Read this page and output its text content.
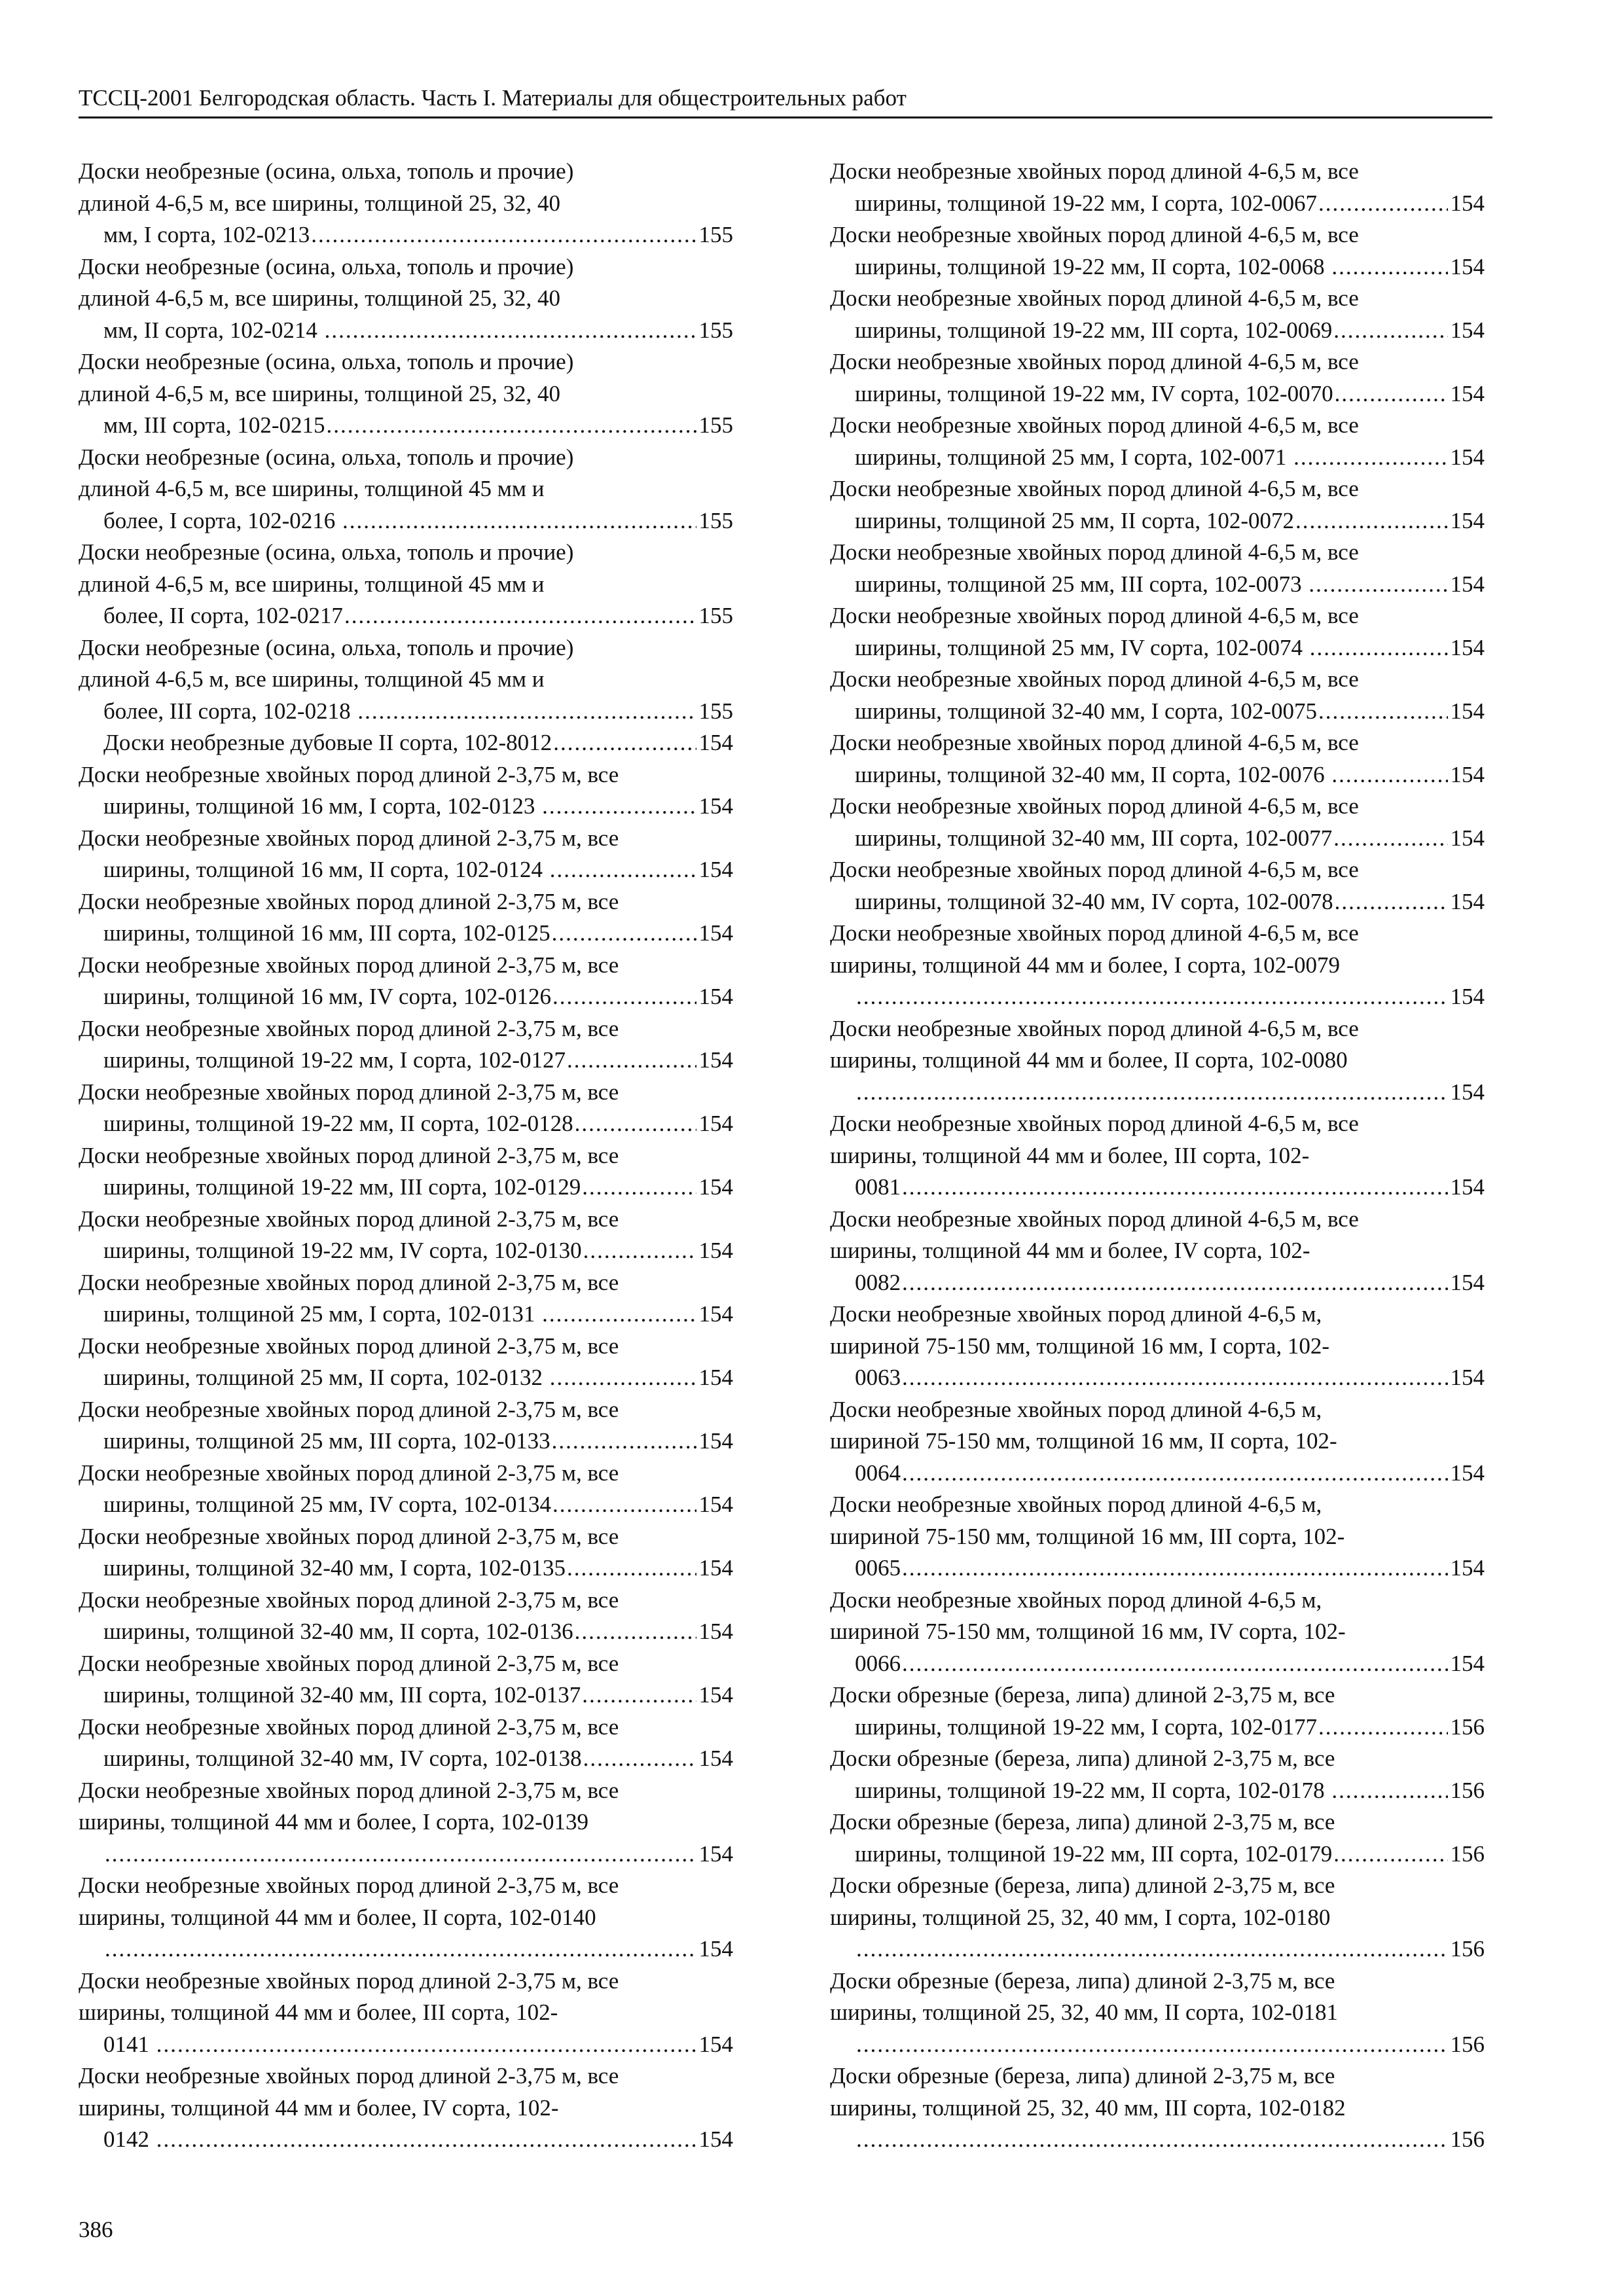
ТССЦ-2001 Белгородская область. Часть I. Материалы для общестроительных работ
Доски необрезные (осина, ольха, тополь и прочие)
длиной 4-6,5 м, все ширины, толщиной 25, 32, 40
мм, I сорта, 102-0213 .....	155
Доски необрезные (осина, ольха, тополь и прочие)
длиной 4-6,5 м, все ширины, толщиной 25, 32, 40
мм, II сорта, 102-0214 .....	155
Доски необрезные (осина, ольха, тополь и прочие)
длиной 4-6,5 м, все ширины, толщиной 25, 32, 40
мм, III сорта, 102-0215 .....	155
Доски необрезные (осина, ольха, тополь и прочие)
длиной 4-6,5 м, все ширины, толщиной 45 мм и
более, I сорта, 102-0216 .....	155
Доски необрезные (осина, ольха, тополь и прочие)
длиной 4-6,5 м, все ширины, толщиной 45 мм и
более, II сорта, 102-0217 .....	155
Доски необрезные (осина, ольха, тополь и прочие)
длиной 4-6,5 м, все ширины, толщиной 45 мм и
более, III сорта, 102-0218 .....	155
Доски необрезные дубовые II сорта, 102-8012 .....	154
Доски необрезные хвойных пород длиной 2-3,75 м, все
ширины, толщиной 16 мм, I сорта, 102-0123 .....	154
Доски необрезные хвойных пород длиной 2-3,75 м, все
ширины, толщиной 16 мм, II сорта, 102-0124 .....	154
Доски необрезные хвойных пород длиной 2-3,75 м, все
ширины, толщиной 16 мм, III сорта, 102-0125 .....	154
Доски необрезные хвойных пород длиной 2-3,75 м, все
ширины, толщиной 16 мм, IV сорта, 102-0126 .....	154
Доски необрезные хвойных пород длиной 2-3,75 м, все
ширины, толщиной 19-22 мм, I сорта, 102-0127 .....	154
Доски необрезные хвойных пород длиной 2-3,75 м, все
ширины, толщиной 19-22 мм, II сорта, 102-0128 .....	154
Доски необрезные хвойных пород длиной 2-3,75 м, все
ширины, толщиной 19-22 мм, III сорта, 102-0129 .....	154
Доски необрезные хвойных пород длиной 2-3,75 м, все
ширины, толщиной 19-22 мм, IV сорта, 102-0130 .....	154
Доски необрезные хвойных пород длиной 2-3,75 м, все
ширины, толщиной 25 мм, I сорта, 102-0131 .....	154
Доски необрезные хвойных пород длиной 2-3,75 м, все
ширины, толщиной 25 мм, II сорта, 102-0132 .....	154
Доски необрезные хвойных пород длиной 2-3,75 м, все
ширины, толщиной 25 мм, III сорта, 102-0133 .....	154
Доски необрезные хвойных пород длиной 2-3,75 м, все
ширины, толщиной 25 мм, IV сорта, 102-0134 .....	154
Доски необрезные хвойных пород длиной 2-3,75 м, все
ширины, толщиной 32-40 мм, I сорта, 102-0135 .....	154
Доски необрезные хвойных пород длиной 2-3,75 м, все
ширины, толщиной 32-40 мм, II сорта, 102-0136 .....	154
Доски необрезные хвойных пород длиной 2-3,75 м, все
ширины, толщиной 32-40 мм, III сорта, 102-0137 .....	154
Доски необрезные хвойных пород длиной 2-3,75 м, все
ширины, толщиной 32-40 мм, IV сорта, 102-0138 .....	154
Доски необрезные хвойных пород длиной 2-3,75 м, все
ширины, толщиной 44 мм и более, I сорта, 102-0139
.....
154
Доски необрезные хвойных пород длиной 2-3,75 м, все
ширины, толщиной 44 мм и более, II сорта, 102-0140
.....
154
Доски необрезные хвойных пород длиной 2-3,75 м, все
ширины, толщиной 44 мм и более, III сорта, 102-
0141 .....	154
Доски необрезные хвойных пород длиной 2-3,75 м, все
ширины, толщиной 44 мм и более, IV сорта, 102-
0142 .....	154
Доски необрезные хвойных пород длиной 4-6,5 м, все
ширины, толщиной 19-22 мм, I сорта, 102-0067 .....	154
Доски необрезные хвойных пород длиной 4-6,5 м, все
ширины, толщиной 19-22 мм, II сорта, 102-0068 .....	154
Доски необрезные хвойных пород длиной 4-6,5 м, все
ширины, толщиной 19-22 мм, III сорта, 102-0069 .....	154
Доски необрезные хвойных пород длиной 4-6,5 м, все
ширины, толщиной 19-22 мм, IV сорта, 102-0070 .....	154
Доски необрезные хвойных пород длиной 4-6,5 м, все
ширины, толщиной 25 мм, I сорта, 102-0071 .....	154
Доски необрезные хвойных пород длиной 4-6,5 м, все
ширины, толщиной 25 мм, II сорта, 102-0072 .....	154
Доски необрезные хвойных пород длиной 4-6,5 м, все
ширины, толщиной 25 мм, III сорта, 102-0073 .....	154
Доски необрезные хвойных пород длиной 4-6,5 м, все
ширины, толщиной 25 мм, IV сорта, 102-0074 .....	154
Доски необрезные хвойных пород длиной 4-6,5 м, все
ширины, толщиной 32-40 мм, I сорта, 102-0075 .....	154
Доски необрезные хвойных пород длиной 4-6,5 м, все
ширины, толщиной 32-40 мм, II сорта, 102-0076 .....	154
Доски необрезные хвойных пород длиной 4-6,5 м, все
ширины, толщиной 32-40 мм, III сорта, 102-0077 .....	154
Доски необрезные хвойных пород длиной 4-6,5 м, все
ширины, толщиной 32-40 мм, IV сорта, 102-0078 .....	154
Доски необрезные хвойных пород длиной 4-6,5 м, все
ширины, толщиной 44 мм и более, I сорта, 102-0079
.....
154
Доски необрезные хвойных пород длиной 4-6,5 м, все
ширины, толщиной 44 мм и более, II сорта, 102-0080
.....
154
Доски необрезные хвойных пород длиной 4-6,5 м, все
ширины, толщиной 44 мм и более, III сорта, 102-
0081 .....	154
Доски необрезные хвойных пород длиной 4-6,5 м, все
ширины, толщиной 44 мм и более, IV сорта, 102-
0082 .....	154
Доски необрезные хвойных пород длиной 4-6,5 м,
шириной 75-150 мм, толщиной 16 мм, I сорта, 102-
0063 .....	154
Доски необрезные хвойных пород длиной 4-6,5 м,
шириной 75-150 мм, толщиной 16 мм, II сорта, 102-
0064 .....	154
Доски необрезные хвойных пород длиной 4-6,5 м,
шириной 75-150 мм, толщиной 16 мм, III сорта, 102-
0065 .....	154
Доски необрезные хвойных пород длиной 4-6,5 м,
шириной 75-150 мм, толщиной 16 мм, IV сорта, 102-
0066 .....	154
Доски обрезные (береза, липа) длиной 2-3,75 м, все
ширины, толщиной 19-22 мм, I сорта, 102-0177 .....	156
Доски обрезные (береза, липа) длиной 2-3,75 м, все
ширины, толщиной 19-22 мм, II сорта, 102-0178 .....	156
Доски обрезные (береза, липа) длиной 2-3,75 м, все
ширины, толщиной 19-22 мм, III сорта, 102-0179 .....	156
Доски обрезные (береза, липа) длиной 2-3,75 м, все
ширины, толщиной 25, 32, 40 мм, I сорта, 102-0180
.....
156
Доски обрезные (береза, липа) длиной 2-3,75 м, все
ширины, толщиной 25, 32, 40 мм, II сорта, 102-0181
.....
156
Доски обрезные (береза, липа) длиной 2-3,75 м, все
ширины, толщиной 25, 32, 40 мм, III сорта, 102-0182
.....
156
386
